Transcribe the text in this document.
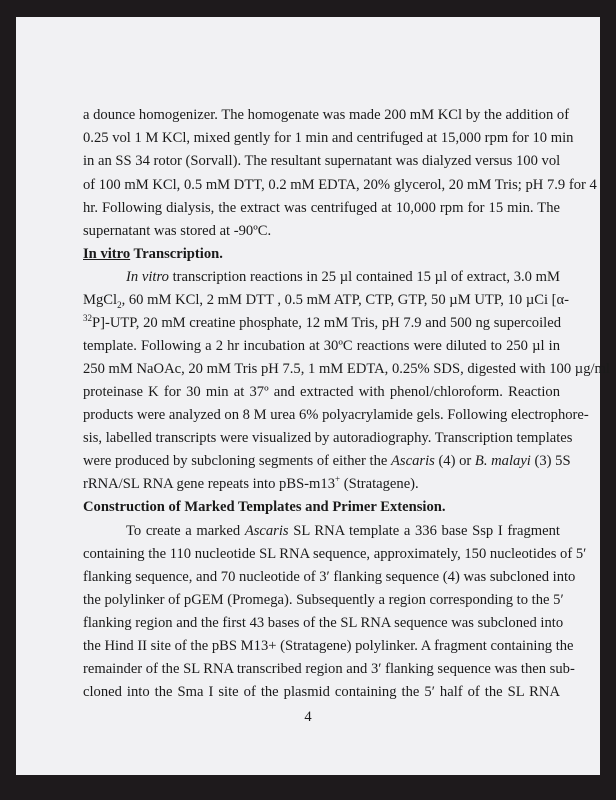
a dounce homogenizer. The homogenate was made 200 mM KCl by the addition of
0.25 vol 1 M KCl, mixed gently for 1 min and centrifuged at 15,000 rpm for 10 min
in an SS 34 rotor (Sorvall). The resultant supernatant was dialyzed versus 100 vol
of 100 mM KCl, 0.5 mM DTT, 0.2 mM EDTA, 20% glycerol, 20 mM Tris; pH 7.9 for 4
hr. Following dialysis, the extract was centrifuged at 10,000 rpm for 15 min. The
supernatant was stored at -90ºC.
In vitro Transcription.
In vitro transcription reactions in 25 µl contained 15 µl of extract, 3.0 mM
MgCl$_2$, 60 mM KCl, 2 mM DTT , 0.5 mM ATP, CTP, GTP, 50 µM UTP, 10 µCi [α-
$^{32}$P]-UTP, 20 mM creatine phosphate, 12 mM Tris, pH 7.9 and 500 ng supercoiled
template. Following a 2 hr incubation at 30ºC reactions were diluted to 250 µl in
250 mM NaOAc, 20 mM Tris pH 7.5, 1 mM EDTA, 0.25% SDS, digested with 100 µg/ml
proteinase K for 30 min at 37º and extracted with phenol/chloroform. Reaction
products were analyzed on 8 M urea 6% polyacrylamide gels. Following electrophore-
sis, labelled transcripts were visualized by autoradiography. Transcription templates
were produced by subcloning segments of either the Ascaris (4) or B. malayi (3) 5S
rRNA/SL RNA gene repeats into pBS-m13+ (Stratagene).
Construction of Marked Templates and Primer Extension.
To create a marked Ascaris SL RNA template a 336 base Ssp I fragment
containing the 110 nucleotide SL RNA sequence, approximately, 150 nucleotides of 5′
flanking sequence, and 70 nucleotide of 3′ flanking sequence (4) was subcloned into
the polylinker of pGEM (Promega). Subsequently a region corresponding to the 5′
flanking region and the first 43 bases of the SL RNA sequence was subcloned into
the Hind II site of the pBS M13+ (Stratagene) polylinker. A fragment containing the
remainder of the SL RNA transcribed region and 3′ flanking sequence was then sub-
cloned into the Sma I site of the plasmid containing the 5′ half of the SL RNA
4
